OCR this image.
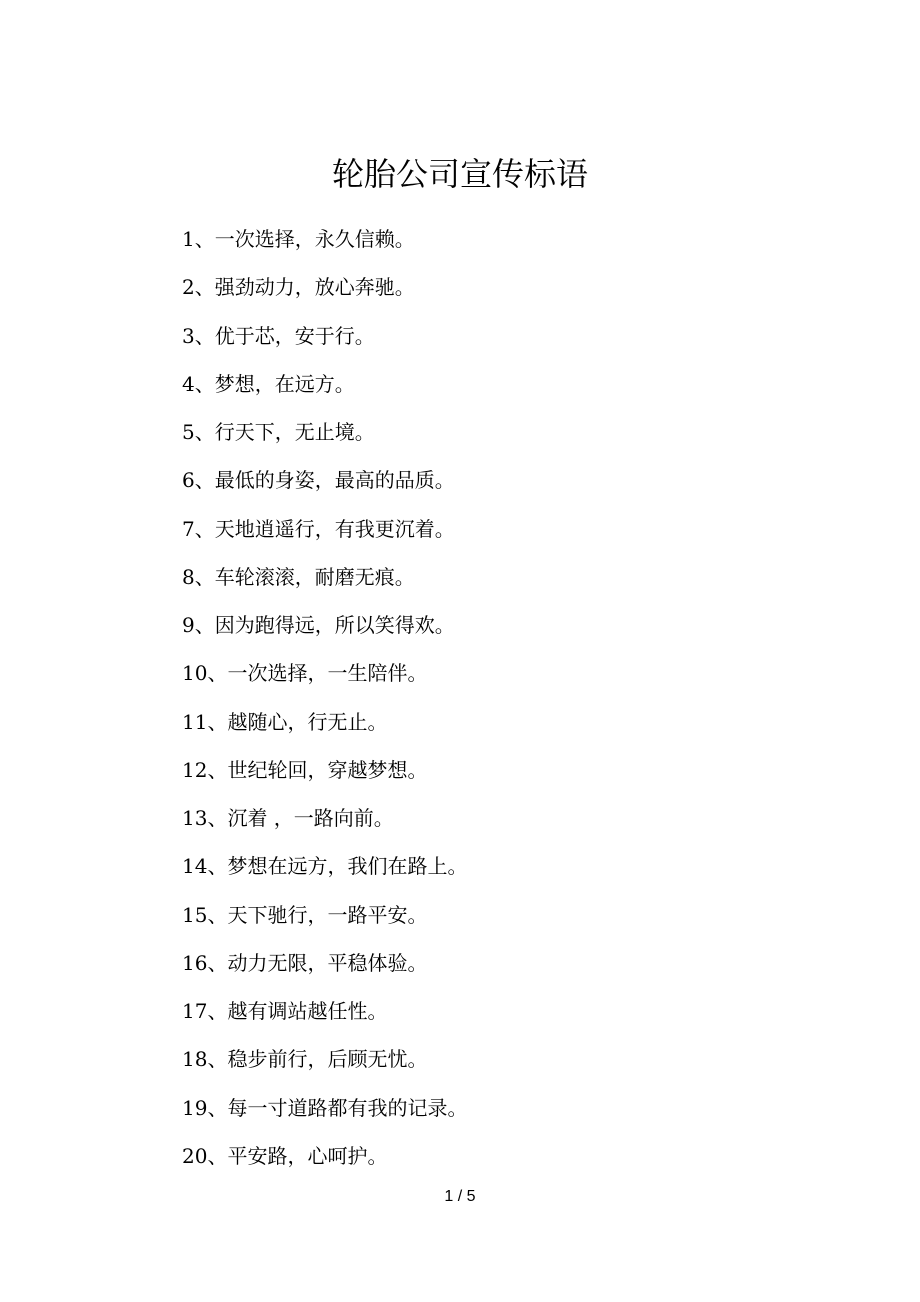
轮胎公司宣传标语
1、一次选择，永久信赖。
2、强劲动力，放心奔驰。
3、优于芯，安于行。
4、梦想，在远方。
5、行天下，无止境。
6、最低的身姿，最高的品质。
7、天地逍遥行，有我更沉着。
8、车轮滚滚，耐磨无痕。
9、因为跑得远，所以笑得欢。
10、一次选择，一生陪伴。
11、越随心，行无止。
12、世纪轮回，穿越梦想。
13、沉着 ，一路向前。
14、梦想在远方，我们在路上。
15、天下驰行，一路平安。
16、动力无限，平稳体验。
17、越有调站越任性。
18、稳步前行，后顾无忧。
19、每一寸道路都有我的记录。
20、平安路，心呵护。
1 / 5
